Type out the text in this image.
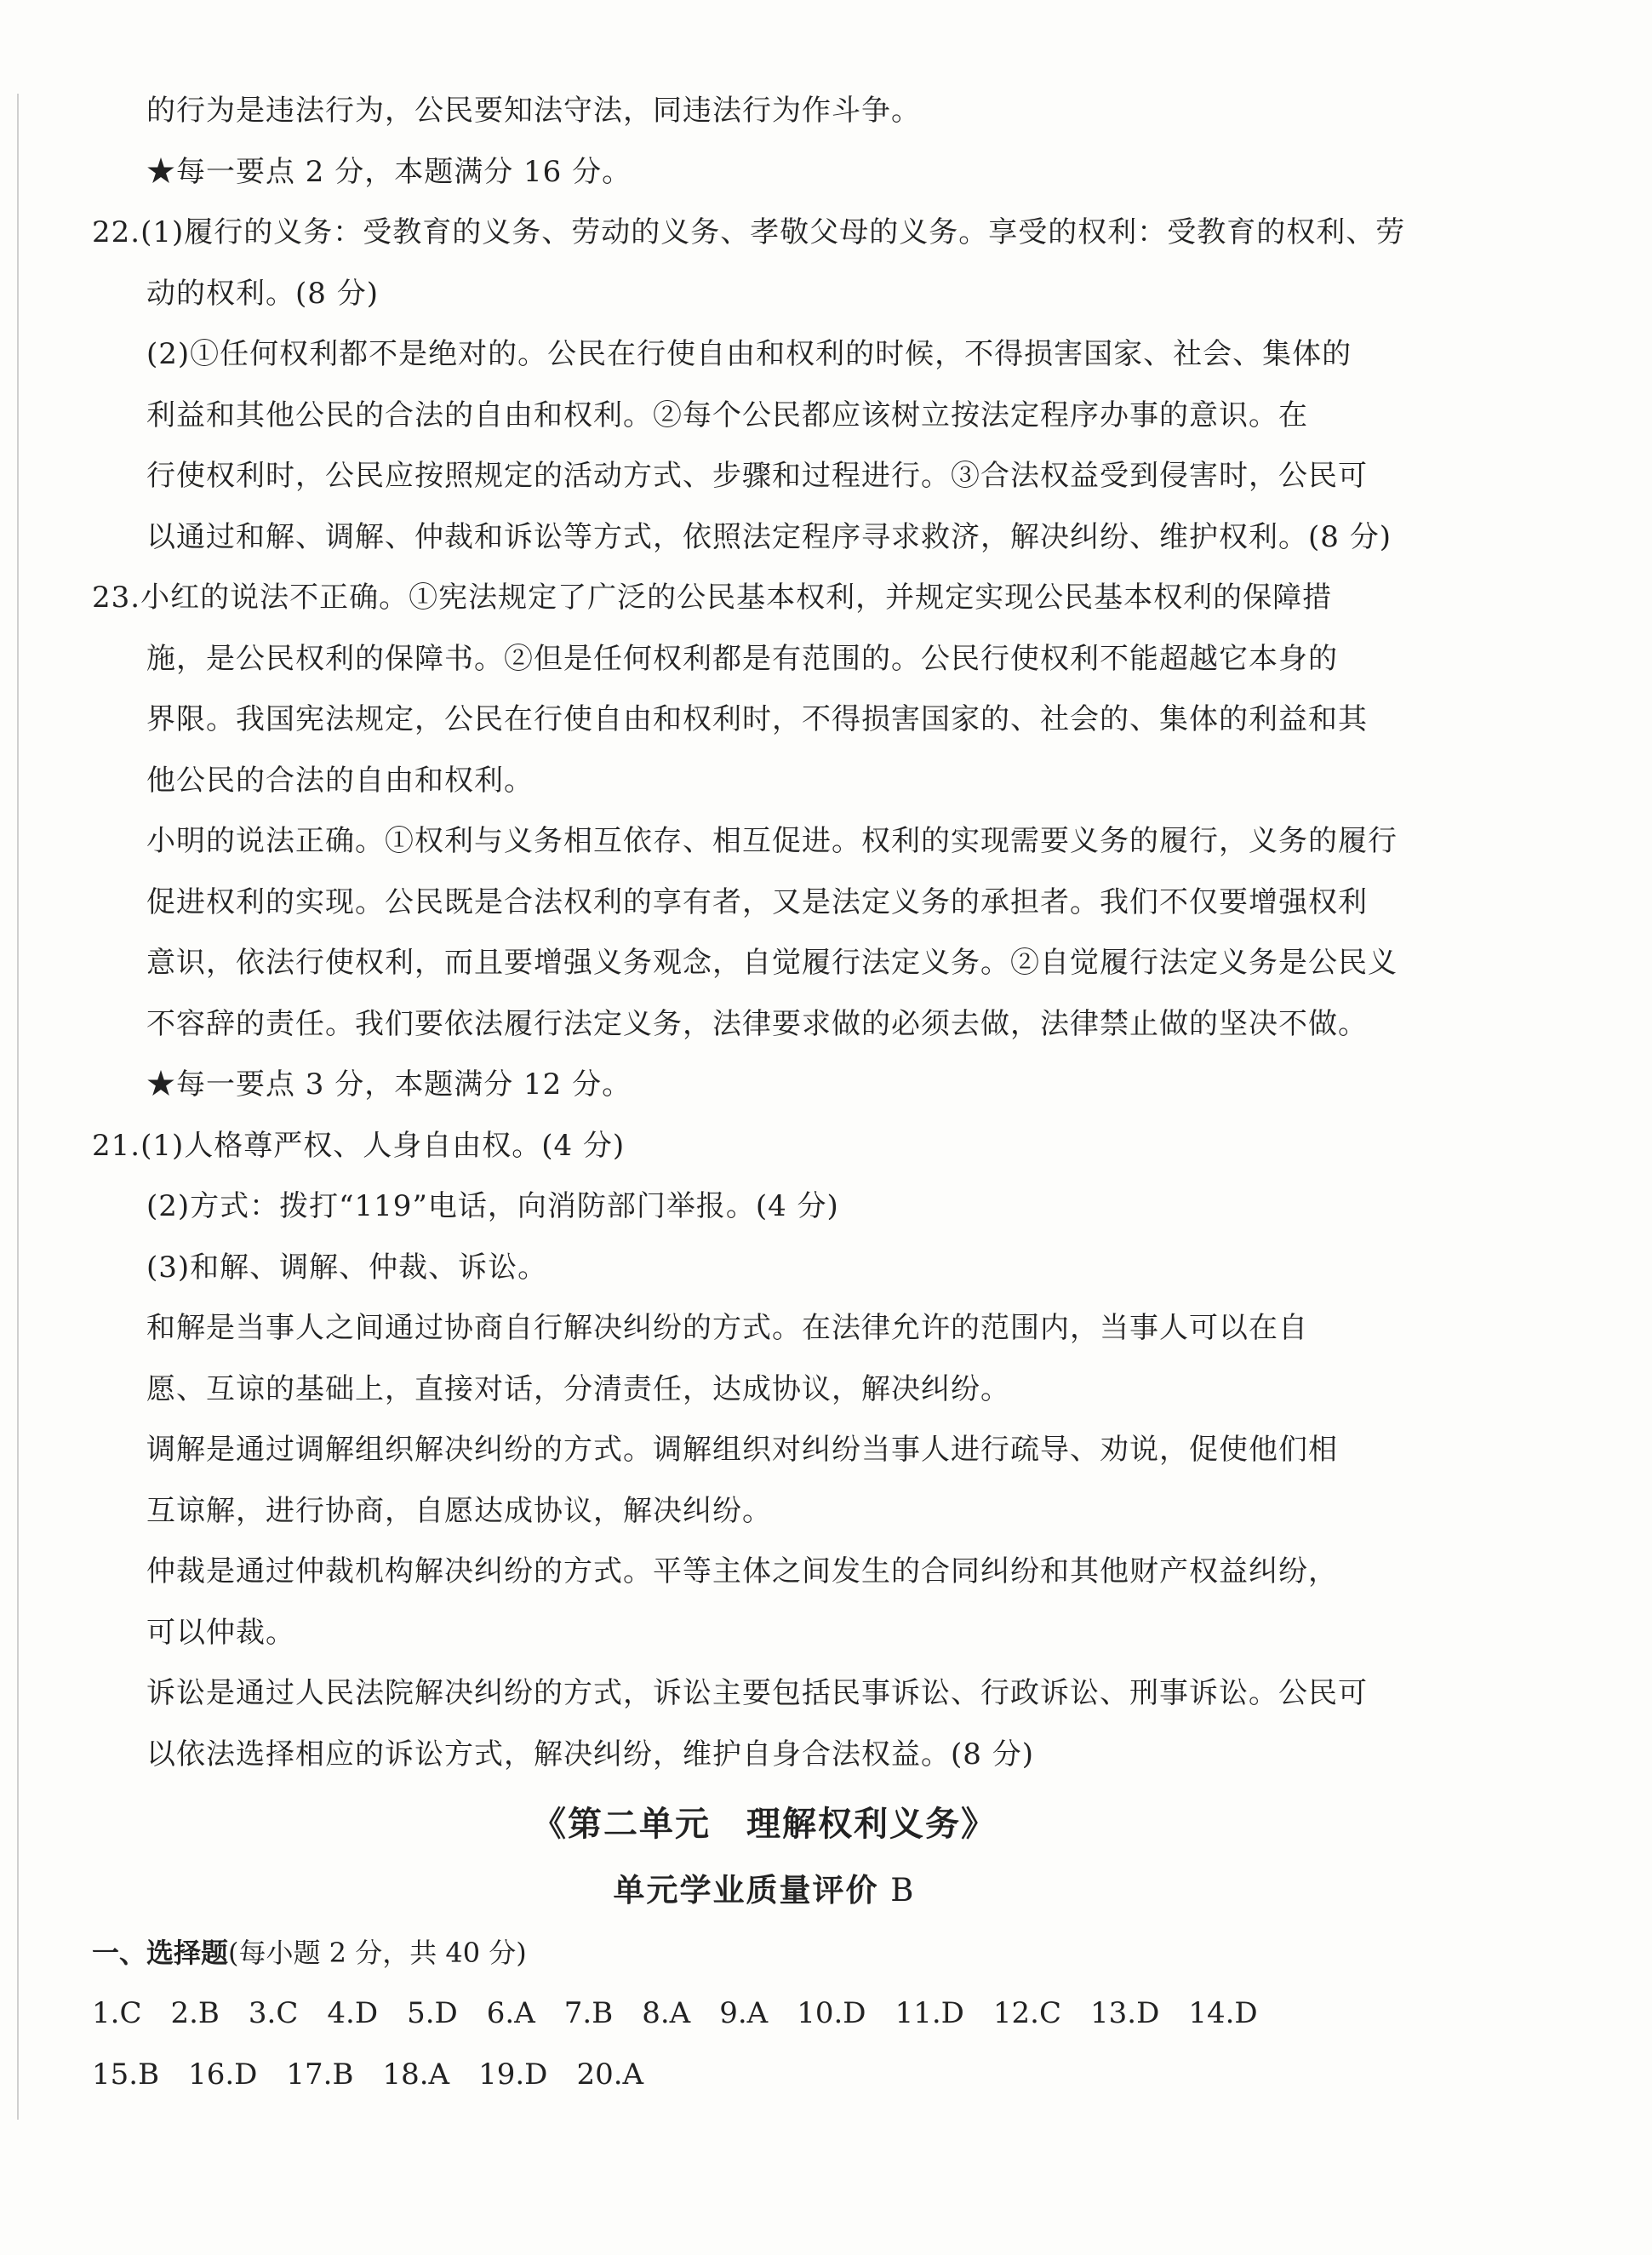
的行为是违法行为，公民要知法守法，同违法行为作斗争。
★每一要点 2 分，本题满分 16 分。
22.(1)履行的义务：受教育的义务、劳动的义务、孝敬父母的义务。享受的权利：受教育的权利、劳
动的权利。(8 分)
(2)①任何权利都不是绝对的。公民在行使自由和权利的时候，不得损害国家、社会、集体的
利益和其他公民的合法的自由和权利。②每个公民都应该树立按法定程序办事的意识。在
行使权利时，公民应按照规定的活动方式、步骤和过程进行。③合法权益受到侵害时，公民可
以通过和解、调解、仲裁和诉讼等方式，依照法定程序寻求救济，解决纠纷、维护权利。(8 分)
23.小红的说法不正确。①宪法规定了广泛的公民基本权利，并规定实现公民基本权利的保障措
施，是公民权利的保障书。②但是任何权利都是有范围的。公民行使权利不能超越它本身的
界限。我国宪法规定，公民在行使自由和权利时，不得损害国家的、社会的、集体的利益和其
他公民的合法的自由和权利。
小明的说法正确。①权利与义务相互依存、相互促进。权利的实现需要义务的履行，义务的履行
促进权利的实现。公民既是合法权利的享有者，又是法定义务的承担者。我们不仅要增强权利
意识，依法行使权利，而且要增强义务观念，自觉履行法定义务。②自觉履行法定义务是公民义
不容辞的责任。我们要依法履行法定义务，法律要求做的必须去做，法律禁止做的坚决不做。
★每一要点 3 分，本题满分 12 分。
21.(1)人格尊严权、人身自由权。(4 分)
(2)方式：拨打“119”电话，向消防部门举报。(4 分)
(3)和解、调解、仲裁、诉讼。
和解是当事人之间通过协商自行解决纠纷的方式。在法律允许的范围内，当事人可以在自
愿、互谅的基础上，直接对话，分清责任，达成协议，解决纠纷。
调解是通过调解组织解决纠纷的方式。调解组织对纠纷当事人进行疏导、劝说，促使他们相
互谅解，进行协商，自愿达成协议，解决纠纷。
仲裁是通过仲裁机构解决纠纷的方式。平等主体之间发生的合同纠纷和其他财产权益纠纷，
可以仲裁。
诉讼是通过人民法院解决纠纷的方式，诉讼主要包括民事诉讼、行政诉讼、刑事诉讼。公民可
以依法选择相应的诉讼方式，解决纠纷，维护自身合法权益。(8 分)
《第二单元　理解权利义务》
单元学业质量评价 B
一、选择题(每小题 2 分，共 40 分)
1.C 2.B 3.C 4.D 5.D 6.A 7.B 8.A 9.A 10.D 11.D 12.C 13.D 14.D
15.B 16.D 17.B 18.A 19.D 20.A
